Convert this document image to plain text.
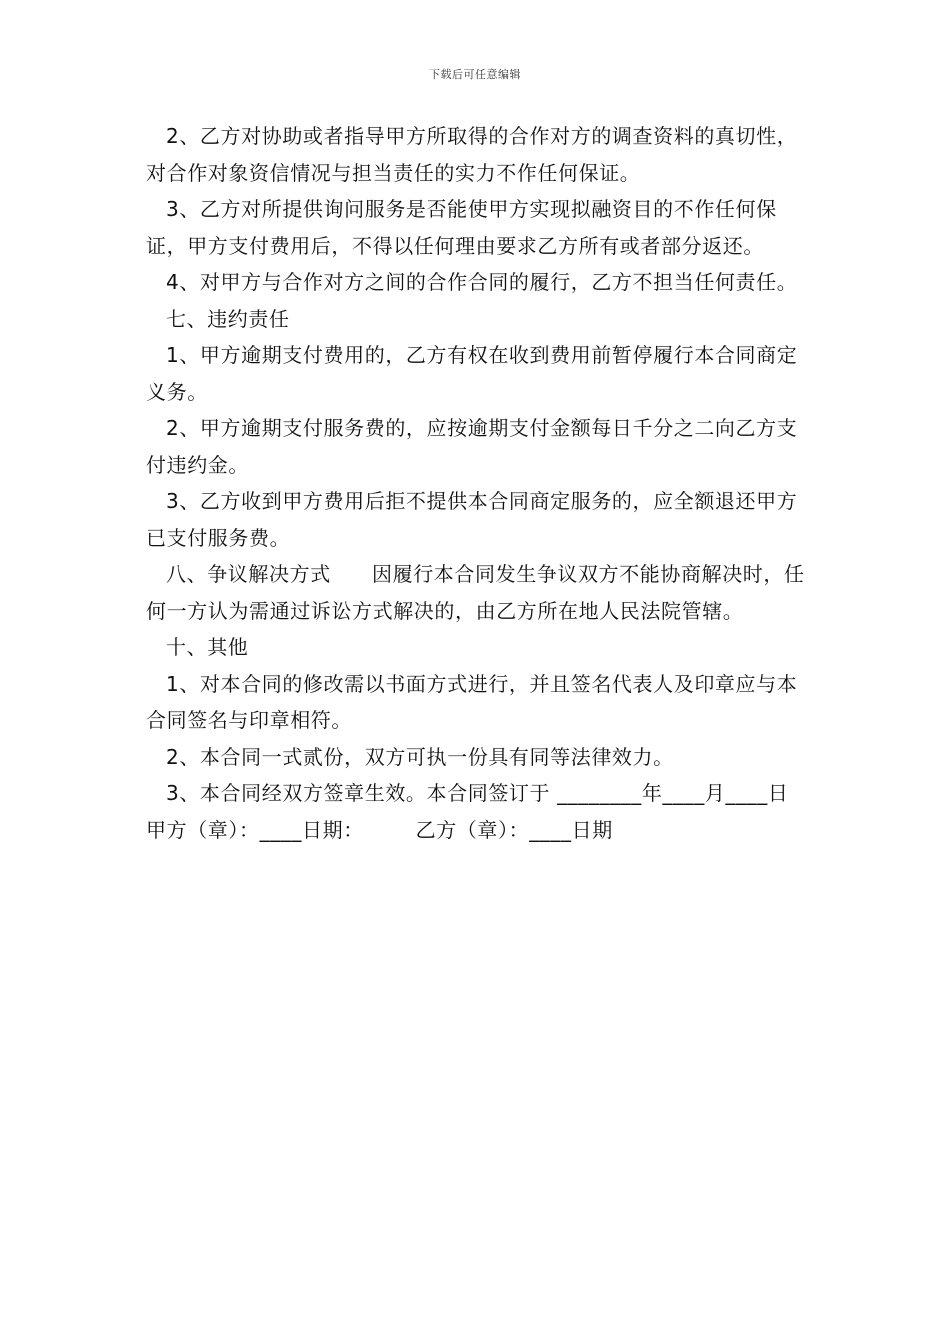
下载后可任意编辑

2、乙方对协助或者指导甲方所取得的合作对方的调查资料的真切性，对合作对象资信情况与担当责任的实力不作任何保证。

3、乙方对所提供询问服务是否能使甲方实现拟融资目的不作任何保证，甲方支付费用后，不得以任何理由要求乙方所有或者部分返还。

4、对甲方与合作对方之间的合作合同的履行，乙方不担当任何责任。

七、违约责任

1、甲方逾期支付费用的，乙方有权在收到费用前暂停履行本合同商定义务。

2、甲方逾期支付服务费的，应按逾期支付金额每日千分之二向乙方支付违约金。

3、乙方收到甲方费用后拒不提供本合同商定服务的，应全额退还甲方已支付服务费。

八、争议解决方式　　因履行本合同发生争议双方不能协商解决时，任何一方认为需通过诉讼方式解决的，由乙方所在地人民法院管辖。

十、其他

1、对本合同的修改需以书面方式进行，并且签名代表人及印章应与本合同签名与印章相符。

2、本合同一式贰份，双方可执一份具有同等法律效力。

3、本合同经双方签章生效。本合同签订于 ________年____月____日　　甲方（章）：____日期：　　　乙方（章）：____日期
